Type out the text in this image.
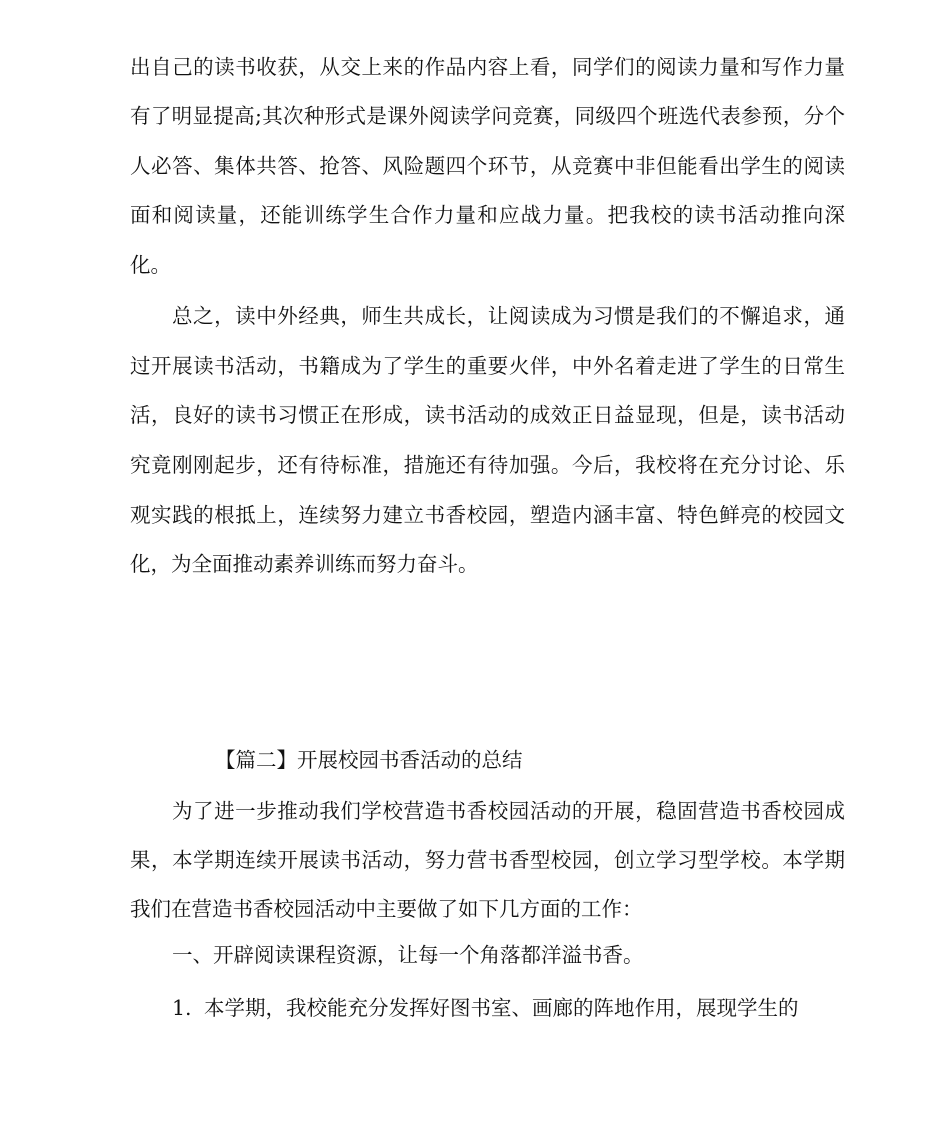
出自己的读书收获，从交上来的作品内容上看，同学们的阅读力量和写作力量
有了明显提高;其次种形式是课外阅读学问竞赛，同级四个班选代表参预，分个
人必答、集体共答、抢答、风险题四个环节，从竞赛中非但能看出学生的阅读
面和阅读量，还能训练学生合作力量和应战力量。把我校的读书活动推向深
化。
总之，读中外经典，师生共成长，让阅读成为习惯是我们的不懈追求，通
过开展读书活动，书籍成为了学生的重要火伴，中外名着走进了学生的日常生
活，良好的读书习惯正在形成，读书活动的成效正日益显现，但是，读书活动
究竟刚刚起步，还有待标准，措施还有待加强。今后，我校将在充分讨论、乐
观实践的根抵上，连续努力建立书香校园，塑造内涵丰富、特色鲜亮的校园文
化，为全面推动素养训练而努力奋斗。
【篇二】开展校园书香活动的总结
为了进一步推动我们学校营造书香校园活动的开展，稳固营造书香校园成
果，本学期连续开展读书活动，努力营书香型校园，创立学习型学校。本学期
我们在营造书香校园活动中主要做了如下几方面的工作：
一、开辟阅读课程资源，让每一个角落都洋溢书香。
1. 本学期，我校能充分发挥好图书室、画廊的阵地作用，展现学生的
